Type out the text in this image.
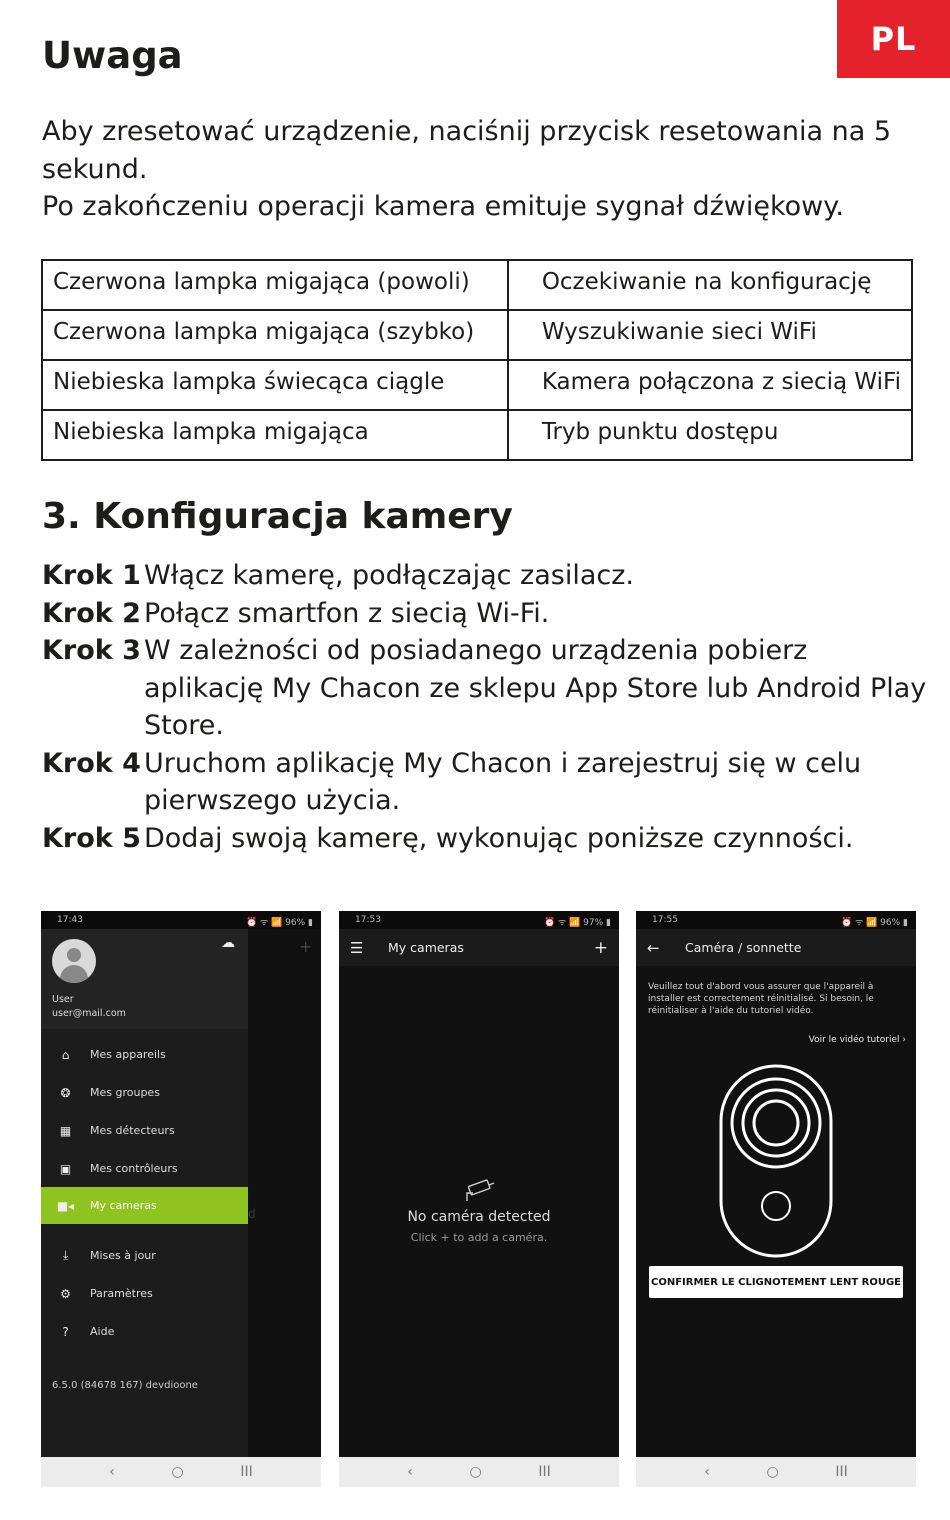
PL
Uwaga
Aby zresetować urządzenie, naciśnij przycisk resetowania na 5 sekund.
Po zakończeniu operacji kamera emituje sygnał dźwiękowy.
Czerwona lampka migająca (powoli)	Oczekiwanie na konfigurację
Czerwona lampka migająca (szybko)	Wyszukiwanie sieci WiFi
Niebieska lampka świecąca ciągle	Kamera połączona z siecią WiFi
Niebieska lampka migająca	Tryb punktu dostępu
3. Konfiguracja kamery
Krok 1 Włącz kamerę, podłączając zasilacz.
Krok 2 Połącz smartfon z siecią Wi-Fi.
Krok 3 W zależności od posiadanego urządzenia pobierz aplikację My Chacon ze sklepu App Store lub Android Play Store.
Krok 4 Uruchom aplikację My Chacon i zarejestruj się w celu pierwszego użycia.
Krok 5 Dodaj swoją kamerę, wykonując poniższe czynności.
17:43	⏰ ᯤ 📶 96% ▮
+
d
☁
User
user@mail.com
⌂	Mes appareils
❂	Mes groupes
▦	Mes détecteurs
▣	Mes contrôleurs
■◂	My cameras
⤓	Mises à jour
⚙	Paramètres
?	Aide
6.5.0 (84678 167) devdioone
‹	○	III
17:53	⏰ ᯤ 📶 97% ▮
☰	My cameras	+
No caméra detected
Click + to add a caméra.
‹	○	III
17:55	⏰ ᯤ 📶 96% ▮
←	Caméra / sonnette
Veuillez tout d'abord vous assurer que l'appareil à installer est correctement réinitialisé. Si besoin, le réinitialiser à l'aide du tutoriel vidéo.
Voir le vidéo tutoriel ›
CONFIRMER LE CLIGNOTEMENT LENT ROUGE
‹	○	III
